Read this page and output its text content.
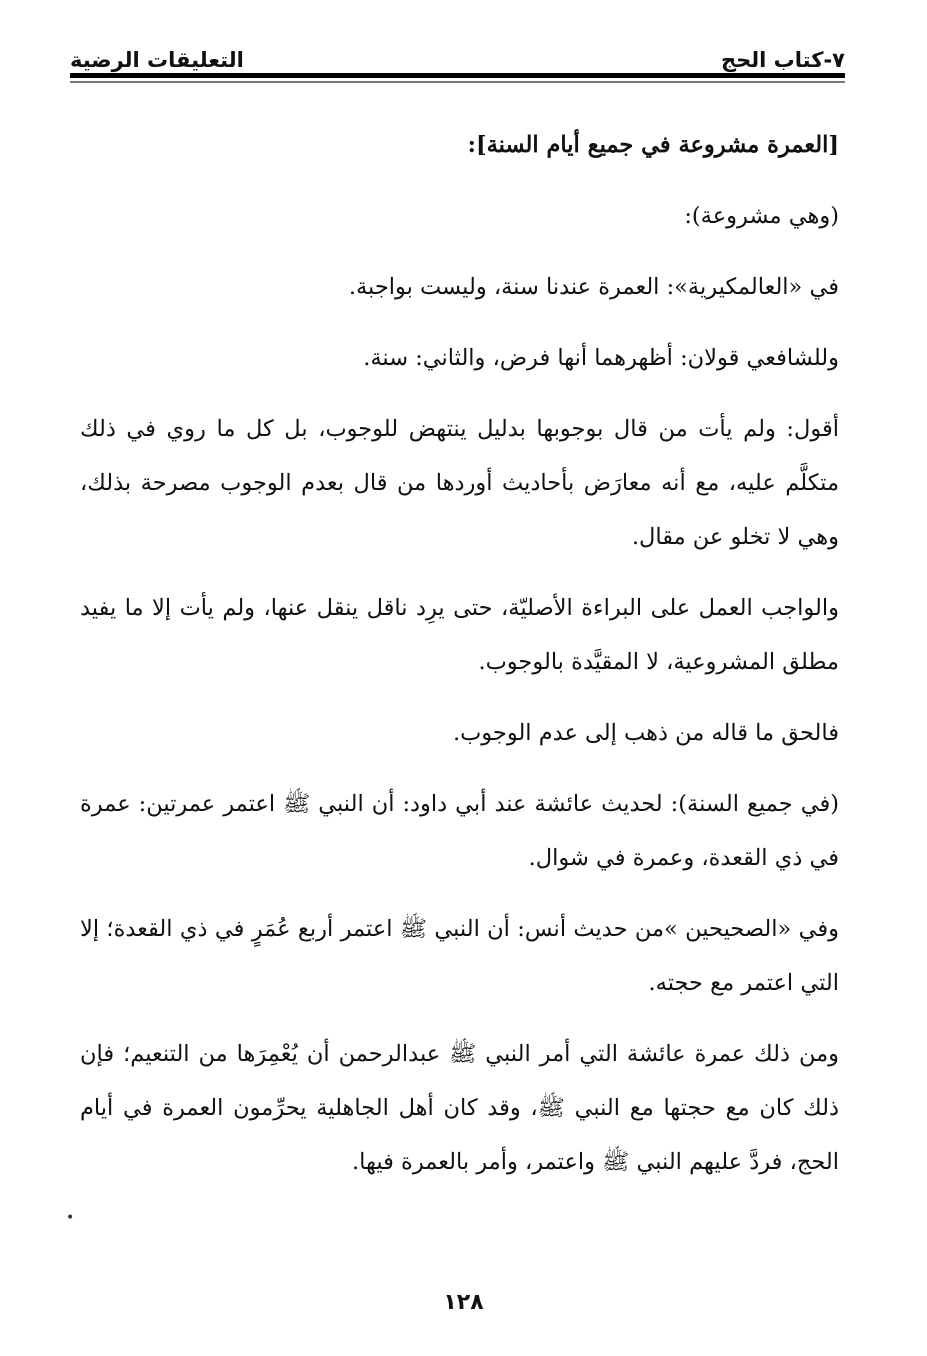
٧-كتاب الحج
التعليقات الرضية

[العمرة مشروعة في جميع أيام السنة]:

(وهي مشروعة):

في «العالمكيرية»: العمرة عندنا سنة، وليست بواجبة.

وللشافعي قولان: أظهرهما أنها فرض، والثاني: سنة.

أقول: ولم يأت من قال بوجوبها بدليل ينتهض للوجوب، بل كل ما روي في ذلك متكلَّم عليه، مع أنه معارَض بأحاديث أوردها من قال بعدم الوجوب مصرحة بذلك، وهي لا تخلو عن مقال.

والواجب العمل على البراءة الأصليّة، حتى يرِد ناقل ينقل عنها، ولم يأت إلا ما يفيد مطلق المشروعية، لا المقيَّدة بالوجوب.

فالحق ما قاله من ذهب إلى عدم الوجوب.

(في جميع السنة): لحديث عائشة عند أبي داود: أن النبي ﷺ اعتمر عمرتين: عمرة في ذي القعدة، وعمرة في شوال.

وفي «الصحيحين »من حديث أنس: أن النبي ﷺ اعتمر أربع عُمَرٍ في ذي القعدة؛ إلا التي اعتمر مع حجته.

ومن ذلك عمرة عائشة التي أمر النبي ﷺ عبدالرحمن أن يُعْمِرَها من التنعيم؛ فإن ذلك كان مع حجتها مع النبي ﷺ، وقد كان أهل الجاهلية يحرِّمون العمرة في أيام الحج، فردَّ عليهم النبي ﷺ واعتمر، وأمر بالعمرة فيها.

•
١٢٨
